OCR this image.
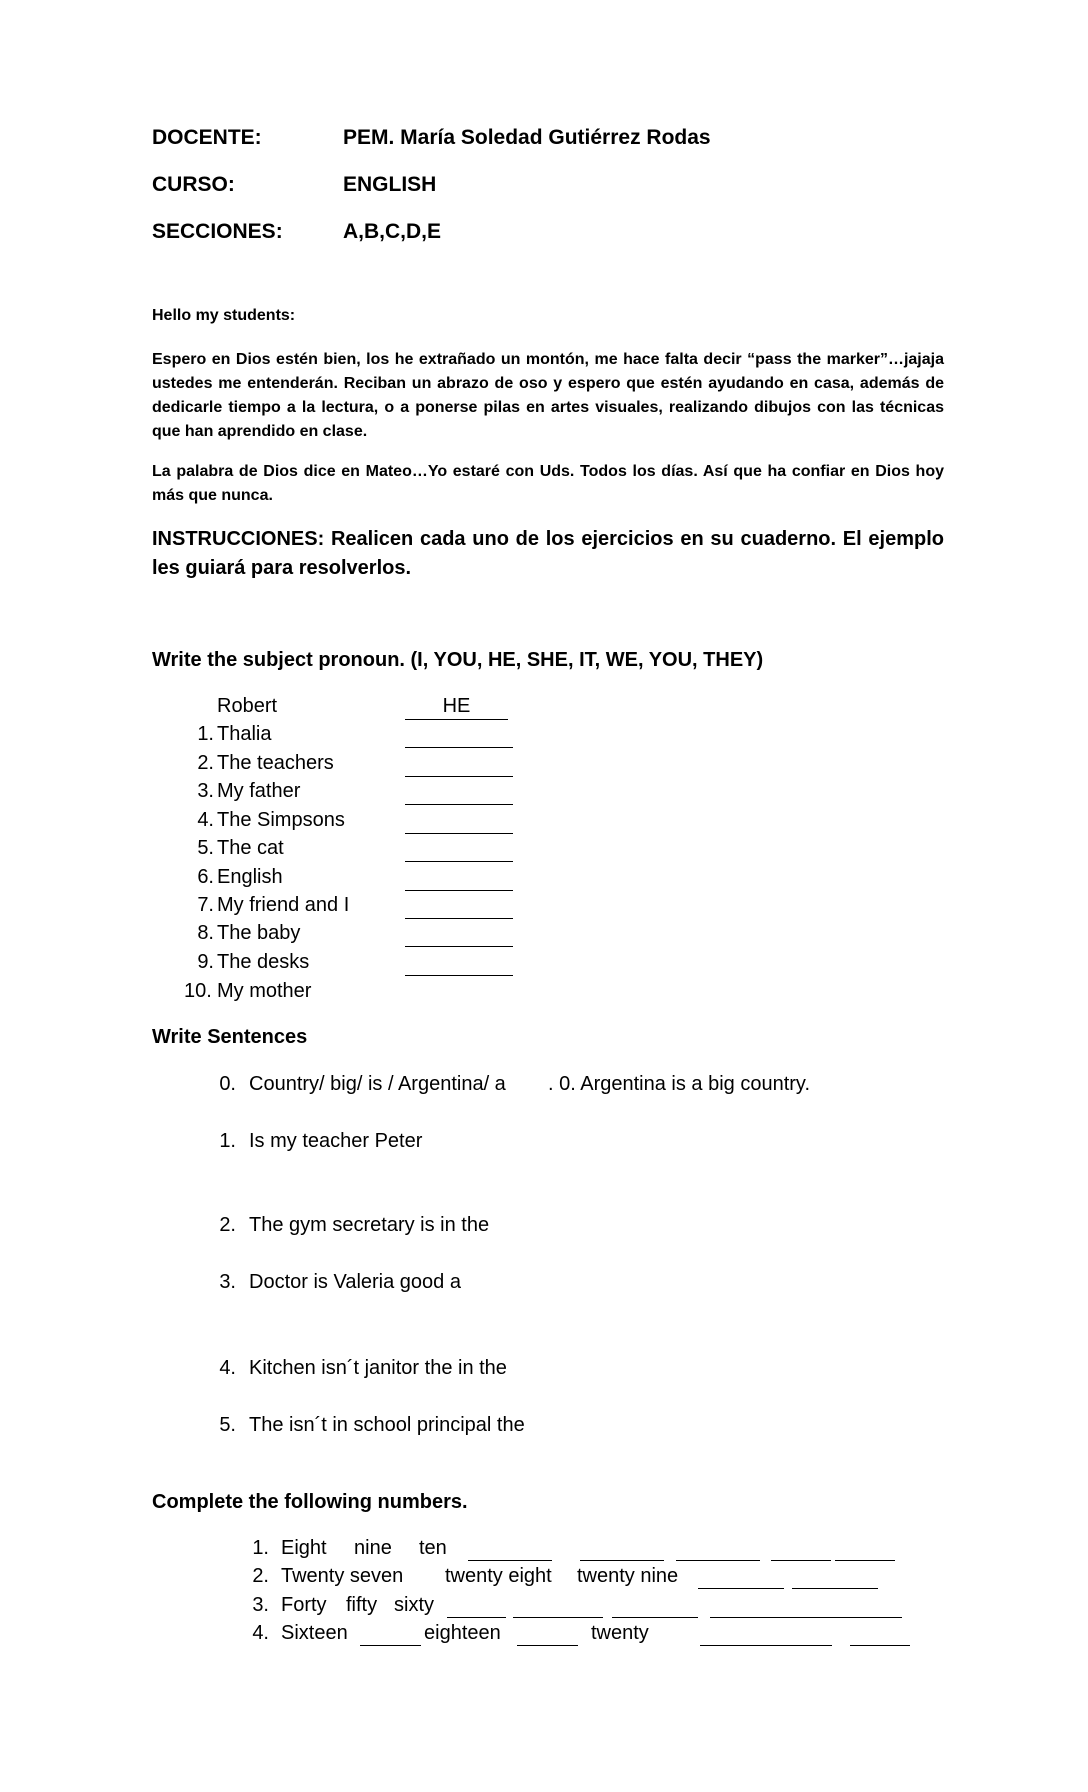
DOCENTE:	PEM. María Soledad Gutiérrez Rodas
CURSO:	ENGLISH
SECCIONES:	A,B,C,D,E
Hello my students:
Espero en Dios estén bien, los he extrañado un montón, me hace falta decir “pass the marker”…jajaja ustedes me entenderán. Reciban un abrazo de oso y espero que estén ayudando en casa, además de dedicarle tiempo a la lectura, o a ponerse pilas en artes visuales, realizando dibujos con las técnicas que han aprendido en clase.
La palabra de Dios dice en Mateo…Yo estaré con Uds. Todos los días. Así que ha confiar en Dios hoy más que nunca.
INSTRUCCIONES: Realicen cada uno de los ejercicios en su cuaderno. El ejemplo les guiará para resolverlos.
Write the subject pronoun. (I, YOU, HE, SHE, IT, WE, YOU, THEY)
Robert	HE
1. Thalia
2. The teachers
3. My father
4. The Simpsons
5. The cat
6. English
7. My friend and I
8. The baby
9. The desks
10. My mother
Write Sentences
0. Country/ big/ is / Argentina/ a . 0. Argentina is a big country.
1. Is my teacher Peter
2. The gym secretary is in the
3. Doctor is Valeria good a
4. Kitchen isn´t janitor the in the
5. The isn´t in school principal the
Complete the following numbers.
1. Eight nine ten
2. Twenty seven twenty eight twenty nine
3. Forty fifty sixty
4. Sixteen	eighteen	twenty
